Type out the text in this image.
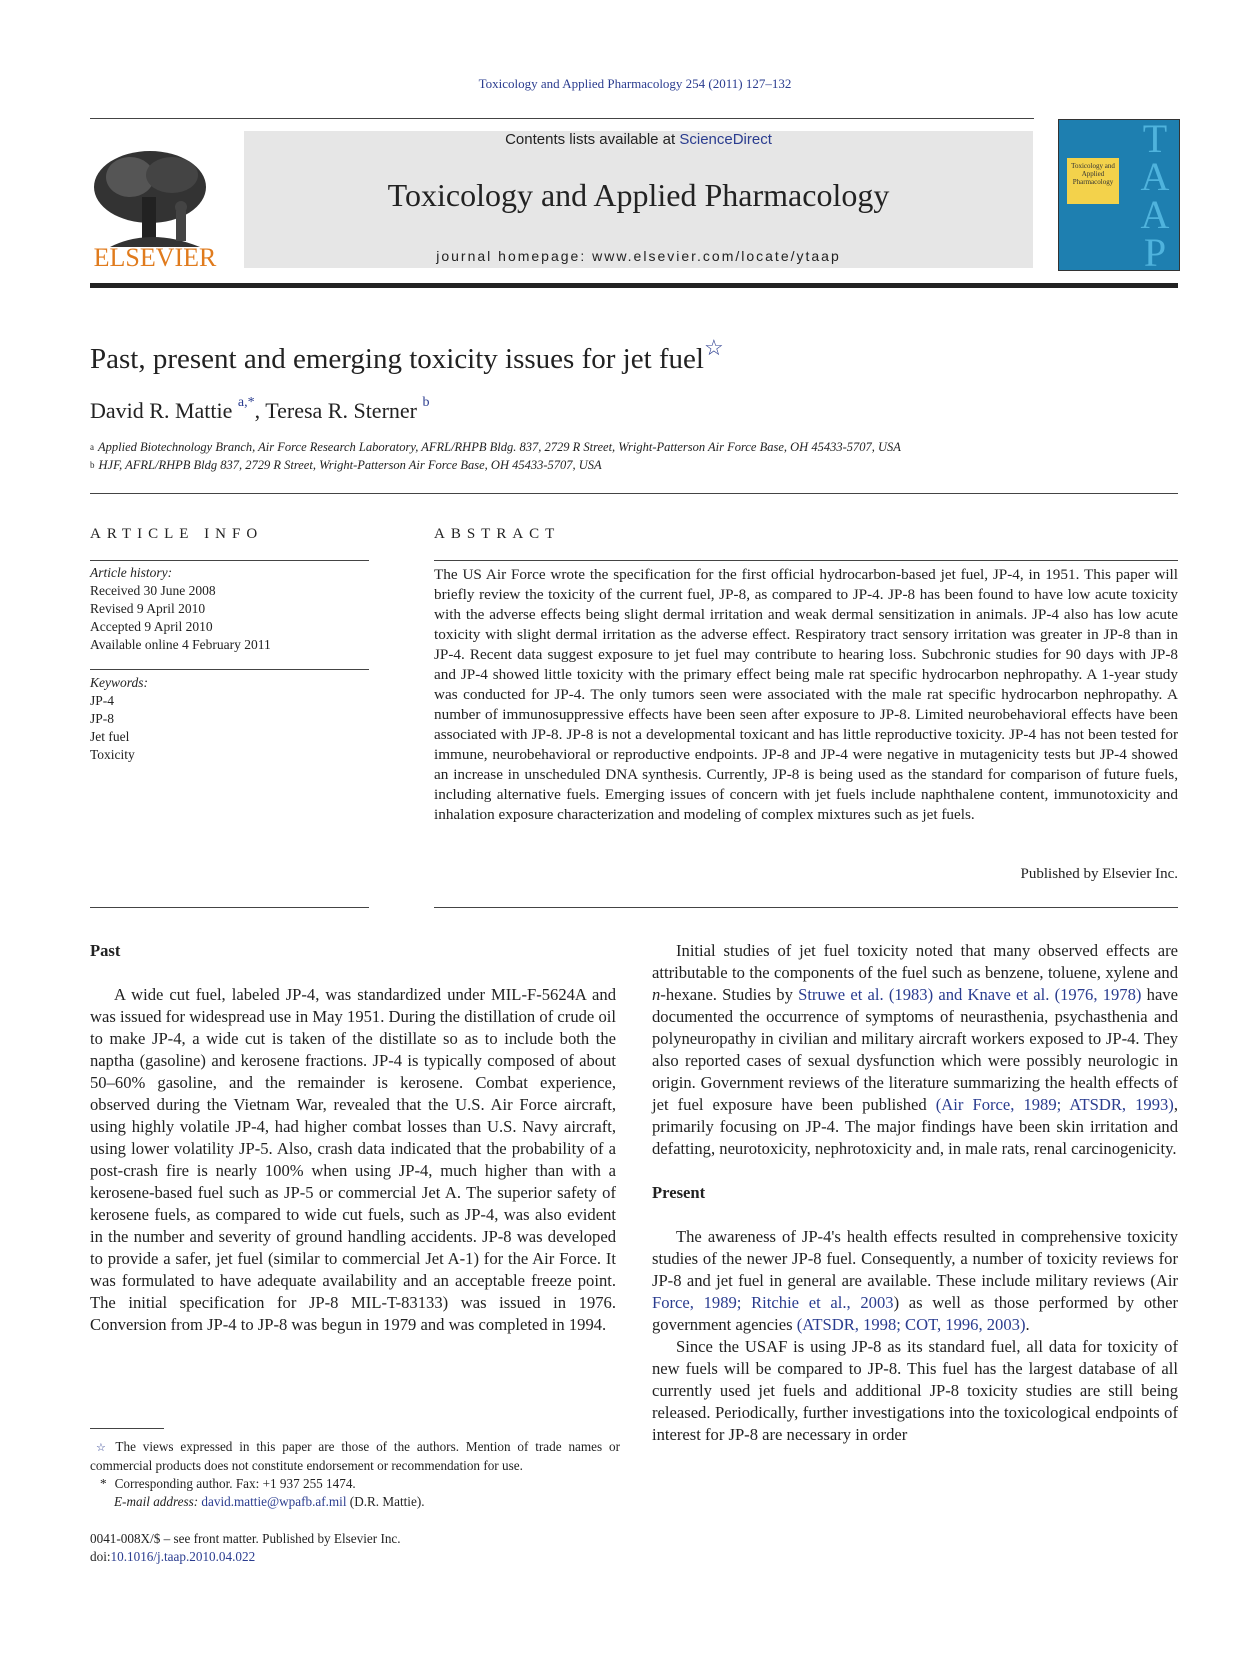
Toxicology and Applied Pharmacology 254 (2011) 127–132
ELSEVIER
Contents lists available at ScienceDirect
Toxicology and Applied Pharmacology
journal homepage: www.elsevier.com/locate/ytaap
Toxicology and Applied Pharmacology
TAAP
Past, present and emerging toxicity issues for jet fuel☆
David R. Mattie $^{a,*}$, Teresa R. Sterner $^b$
$^a$ Applied Biotechnology Branch, Air Force Research Laboratory, AFRL/RHPB Bldg. 837, 2729 R Street, Wright-Patterson Air Force Base, OH 45433-5707, USA
$^b$ HJF, AFRL/RHPB Bldg 837, 2729 R Street, Wright-Patterson Air Force Base, OH 45433-5707, USA
ARTICLE INFO	ABSTRACT
Article history:
Received 30 June 2008
Revised 9 April 2010
Accepted 9 April 2010
Available online 4 February 2011
Keywords:
JP-4
JP-8
Jet fuel
Toxicity
The US Air Force wrote the specification for the first official hydrocarbon-based jet fuel, JP-4, in 1951. This paper will briefly review the toxicity of the current fuel, JP-8, as compared to JP-4. JP-8 has been found to have low acute toxicity with the adverse effects being slight dermal irritation and weak dermal sensitization in animals. JP-4 also has low acute toxicity with slight dermal irritation as the adverse effect. Respiratory tract sensory irritation was greater in JP-8 than in JP-4. Recent data suggest exposure to jet fuel may contribute to hearing loss. Subchronic studies for 90 days with JP-8 and JP-4 showed little toxicity with the primary effect being male rat specific hydrocarbon nephropathy. A 1-year study was conducted for JP-4. The only tumors seen were associated with the male rat specific hydrocarbon nephropathy. A number of immunosuppressive effects have been seen after exposure to JP-8. Limited neurobehavioral effects have been associated with JP-8. JP-8 is not a developmental toxicant and has little reproductive toxicity. JP-4 has not been tested for immune, neurobehavioral or reproductive endpoints. JP-8 and JP-4 were negative in mutagenicity tests but JP-4 showed an increase in unscheduled DNA synthesis. Currently, JP-8 is being used as the standard for comparison of future fuels, including alternative fuels. Emerging issues of concern with jet fuels include naphthalene content, immunotoxicity and inhalation exposure characterization and modeling of complex mixtures such as jet fuels.
Published by Elsevier Inc.
Past

A wide cut fuel, labeled JP-4, was standardized under MIL-F-5624A and was issued for widespread use in May 1951. During the distillation of crude oil to make JP-4, a wide cut is taken of the distillate so as to include both the naptha (gasoline) and kerosene fractions. JP-4 is typically composed of about 50–60% gasoline, and the remainder is kerosene. Combat experience, observed during the Vietnam War, revealed that the U.S. Air Force aircraft, using highly volatile JP-4, had higher combat losses than U.S. Navy aircraft, using lower volatility JP-5. Also, crash data indicated that the probability of a post-crash fire is nearly 100% when using JP-4, much higher than with a kerosene-based fuel such as JP-5 or commercial Jet A. The superior safety of kerosene fuels, as compared to wide cut fuels, such as JP-4, was also evident in the number and severity of ground handling accidents. JP-8 was developed to provide a safer, jet fuel (similar to commercial Jet A-1) for the Air Force. It was formulated to have adequate availability and an acceptable freeze point. The initial specification for JP-8 MIL-T-83133) was issued in 1976. Conversion from JP-4 to JP-8 was begun in 1979 and was completed in 1994.

Initial studies of jet fuel toxicity noted that many observed effects are attributable to the components of the fuel such as benzene, toluene, xylene and n-hexane. Studies by Struwe et al. (1983) and Knave et al. (1976, 1978) have documented the occurrence of symptoms of neurasthenia, psychasthenia and polyneuropathy in civilian and military aircraft workers exposed to JP-4. They also reported cases of sexual dysfunction which were possibly neurologic in origin. Government reviews of the literature summarizing the health effects of jet fuel exposure have been published (Air Force, 1989; ATSDR, 1993), primarily focusing on JP-4. The major findings have been skin irritation and defatting, neurotoxicity, nephrotoxicity and, in male rats, renal carcinogenicity.

Present

The awareness of JP-4's health effects resulted in comprehensive toxicity studies of the newer JP-8 fuel. Consequently, a number of toxicity reviews for JP-8 and jet fuel in general are available. These include military reviews (Air Force, 1989; Ritchie et al., 2003) as well as those performed by other government agencies (ATSDR, 1998; COT, 1996, 2003).

Since the USAF is using JP-8 as its standard fuel, all data for toxicity of new fuels will be compared to JP-8. This fuel has the largest database of all currently used jet fuels and additional JP-8 toxicity studies are still being released. Periodically, further investigations into the toxicological endpoints of interest for JP-8 are necessary in order

☆ The views expressed in this paper are those of the authors. Mention of trade names or commercial products does not constitute endorsement or recommendation for use.
* Corresponding author. Fax: +1 937 255 1474.
E-mail address: david.mattie@wpafb.af.mil (D.R. Mattie).
0041-008X/$ – see front matter. Published by Elsevier Inc.
doi:10.1016/j.taap.2010.04.022
